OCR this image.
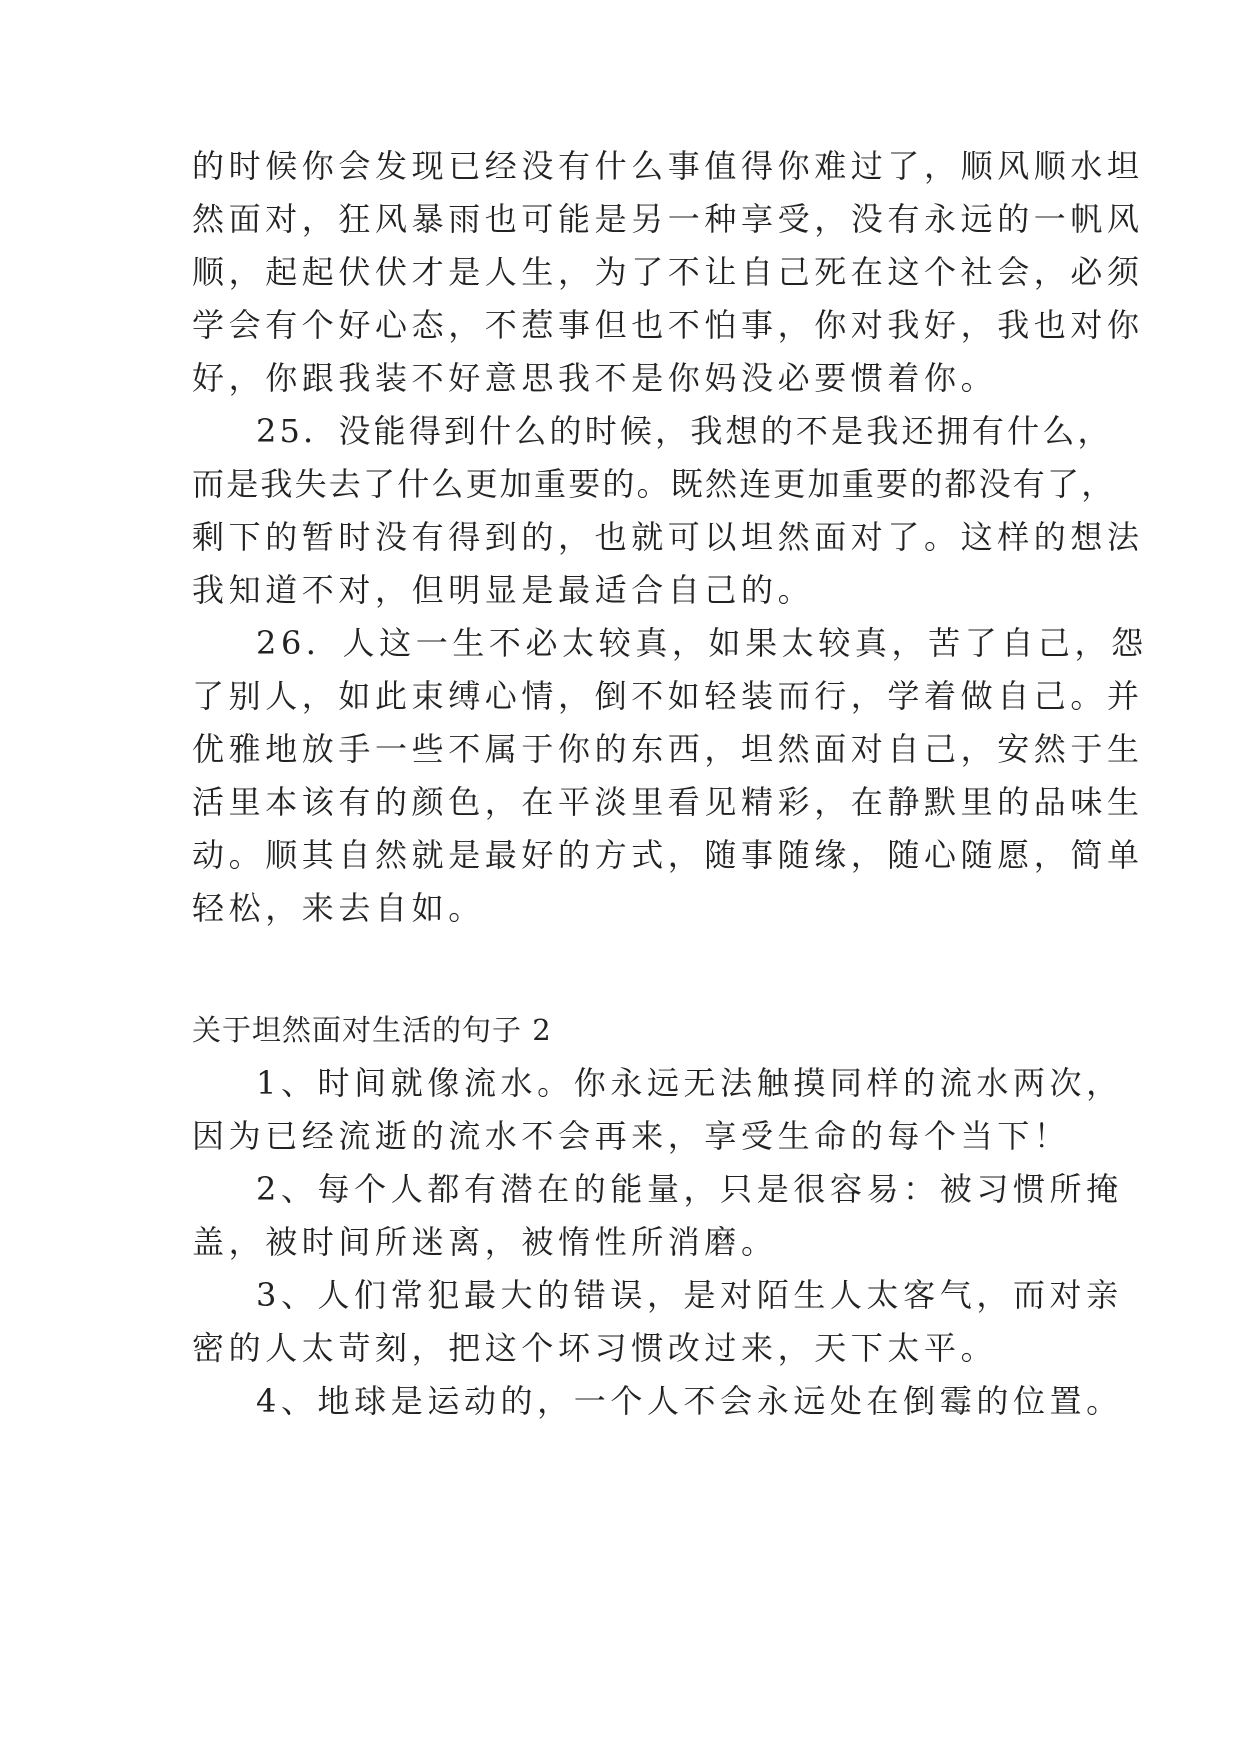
的时候你会发现已经没有什么事值得你难过了，顺风顺水坦
然面对，狂风暴雨也可能是另一种享受，没有永远的一帆风
顺，起起伏伏才是人生，为了不让自己死在这个社会，必须
学会有个好心态，不惹事但也不怕事，你对我好，我也对你
好，你跟我装不好意思我不是你妈没必要惯着你。
25．没能得到什么的时候，我想的不是我还拥有什么，
而是我失去了什么更加重要的。既然连更加重要的都没有了，
剩下的暂时没有得到的，也就可以坦然面对了。这样的想法
我知道不对，但明显是最适合自己的。
26．人这一生不必太较真，如果太较真，苦了自己，怨
了别人，如此束缚心情，倒不如轻装而行，学着做自己。并
优雅地放手一些不属于你的东西，坦然面对自己，安然于生
活里本该有的颜色，在平淡里看见精彩，在静默里的品味生
动。顺其自然就是最好的方式，随事随缘，随心随愿，简单
轻松，来去自如。
关于坦然面对生活的句子 2
1、时间就像流水。你永远无法触摸同样的流水两次，
因为已经流逝的流水不会再来，享受生命的每个当下！
2、每个人都有潜在的能量，只是很容易：被习惯所掩
盖，被时间所迷离，被惰性所消磨。
3、人们常犯最大的错误，是对陌生人太客气，而对亲
密的人太苛刻，把这个坏习惯改过来，天下太平。
4、地球是运动的，一个人不会永远处在倒霉的位置。
